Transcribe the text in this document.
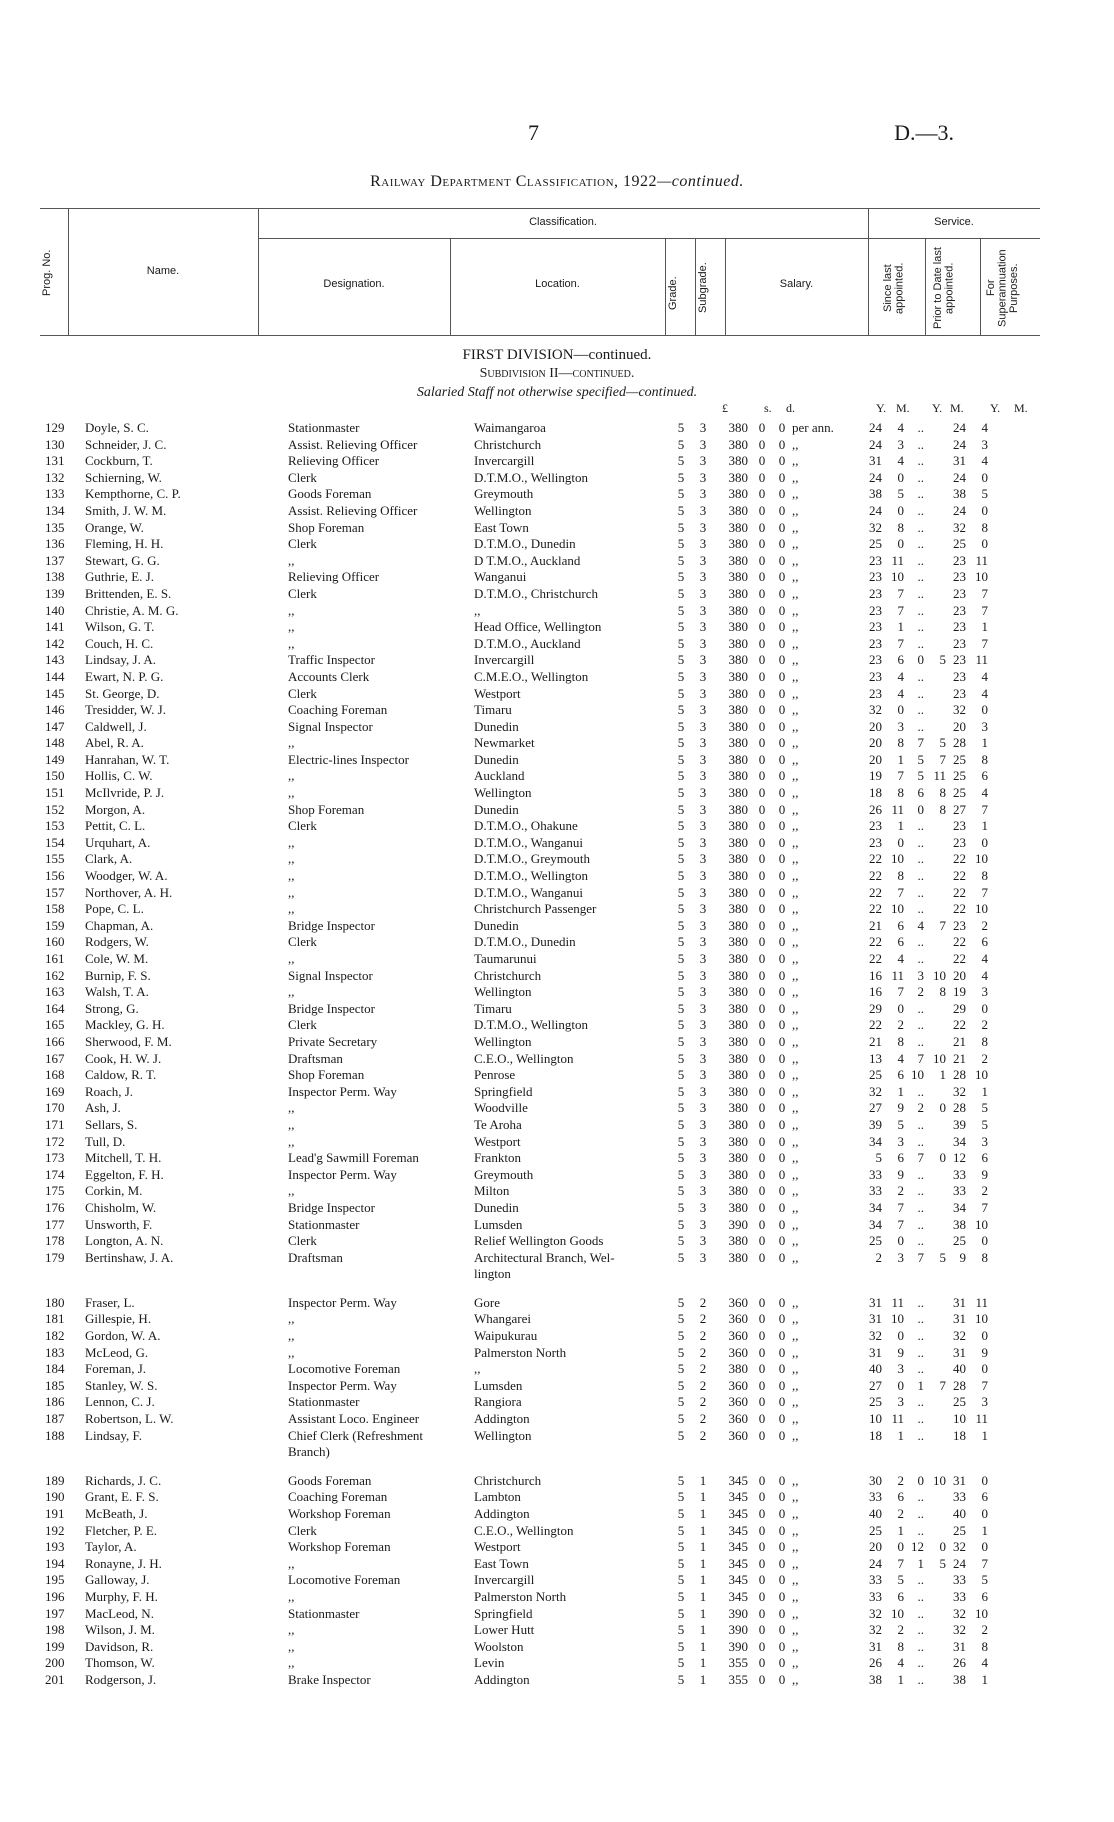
7	D.—3.
Railway Department Classification, 1922—continued.
Prog. No.	Name.
Classification.
Designation.	Location.	Grade.	Subgrade.	Salary.
Service.
Since last appointed.	Prior to Date last appointed.	For Superannuation Purposes.
FIRST DIVISION—continued.
Subdivision II—continued.
Salaried Staff not otherwise specified—continued.
£	s. d.	Y. M. Y. M. Y. M.
129	Doyle, S. C.	Stationmaster	Waimangaroa	5	3	380	0	0	per ann.	24	4	..		24	4
130	Schneider, J. C.	Assist. Relieving Officer	Christchurch	5	3	380	0	0	,,	24	3	..		24	3
131	Cockburn, T.	Relieving Officer	Invercargill	5	3	380	0	0	,,	31	4	..		31	4
132	Schierning, W.	Clerk	D.T.M.O., Wellington	5	3	380	0	0	,,	24	0	..		24	0
133	Kempthorne, C. P.	Goods Foreman	Greymouth	5	3	380	0	0	,,	38	5	..		38	5
134	Smith, J. W. M.	Assist. Relieving Officer	Wellington	5	3	380	0	0	,,	24	0	..		24	0
135	Orange, W.	Shop Foreman	East Town	5	3	380	0	0	,,	32	8	..		32	8
136	Fleming, H. H.	Clerk	D.T.M.O., Dunedin	5	3	380	0	0	,,	25	0	..		25	0
137	Stewart, G. G.	,,	D T.M.O., Auckland	5	3	380	0	0	,,	23	11	..		23	11
138	Guthrie, E. J.	Relieving Officer	Wanganui	5	3	380	0	0	,,	23	10	..		23	10
139	Brittenden, E. S.	Clerk	D.T.M.O., Christchurch	5	3	380	0	0	,,	23	7	..		23	7
140	Christie, A. M. G.	,,	,,	5	3	380	0	0	,,	23	7	..		23	7
141	Wilson, G. T.	,,	Head Office, Wellington	5	3	380	0	0	,,	23	1	..		23	1
142	Couch, H. C.	,,	D.T.M.O., Auckland	5	3	380	0	0	,,	23	7	..		23	7
143	Lindsay, J. A.	Traffic Inspector	Invercargill	5	3	380	0	0	,,	23	6	0	5	23	11
144	Ewart, N. P. G.	Accounts Clerk	C.M.E.O., Wellington	5	3	380	0	0	,,	23	4	..		23	4
145	St. George, D.	Clerk	Westport	5	3	380	0	0	,,	23	4	..		23	4
146	Tresidder, W. J.	Coaching Foreman	Timaru	5	3	380	0	0	,,	32	0	..		32	0
147	Caldwell, J.	Signal Inspector	Dunedin	5	3	380	0	0	,,	20	3	..		20	3
148	Abel, R. A.	,,	Newmarket	5	3	380	0	0	,,	20	8	7	5	28	1
149	Hanrahan, W. T.	Electric-lines Inspector	Dunedin	5	3	380	0	0	,,	20	1	5	7	25	8
150	Hollis, C. W.	,,	Auckland	5	3	380	0	0	,,	19	7	5	11	25	6
151	McIlvride, P. J.	,,	Wellington	5	3	380	0	0	,,	18	8	6	8	25	4
152	Morgon, A.	Shop Foreman	Dunedin	5	3	380	0	0	,,	26	11	0	8	27	7
153	Pettit, C. L.	Clerk	D.T.M.O., Ohakune	5	3	380	0	0	,,	23	1	..		23	1
154	Urquhart, A.	,,	D.T.M.O., Wanganui	5	3	380	0	0	,,	23	0	..		23	0
155	Clark, A.	,,	D.T.M.O., Greymouth	5	3	380	0	0	,,	22	10	..		22	10
156	Woodger, W. A.	,,	D.T.M.O., Wellington	5	3	380	0	0	,,	22	8	..		22	8
157	Northover, A. H.	,,	D.T.M.O., Wanganui	5	3	380	0	0	,,	22	7	..		22	7
158	Pope, C. L.	,,	Christchurch Passenger	5	3	380	0	0	,,	22	10	..		22	10
159	Chapman, A.	Bridge Inspector	Dunedin	5	3	380	0	0	,,	21	6	4	7	23	2
160	Rodgers, W.	Clerk	D.T.M.O., Dunedin	5	3	380	0	0	,,	22	6	..		22	6
161	Cole, W. M.	,,	Taumarunui	5	3	380	0	0	,,	22	4	..		22	4
162	Burnip, F. S.	Signal Inspector	Christchurch	5	3	380	0	0	,,	16	11	3	10	20	4
163	Walsh, T. A.	,,	Wellington	5	3	380	0	0	,,	16	7	2	8	19	3
164	Strong, G.	Bridge Inspector	Timaru	5	3	380	0	0	,,	29	0	..		29	0
165	Mackley, G. H.	Clerk	D.T.M.O., Wellington	5	3	380	0	0	,,	22	2	..		22	2
166	Sherwood, F. M.	Private Secretary	Wellington	5	3	380	0	0	,,	21	8	..		21	8
167	Cook, H. W. J.	Draftsman	C.E.O., Wellington	5	3	380	0	0	,,	13	4	7	10	21	2
168	Caldow, R. T.	Shop Foreman	Penrose	5	3	380	0	0	,,	25	6	10	1	28	10
169	Roach, J.	Inspector Perm. Way	Springfield	5	3	380	0	0	,,	32	1	..		32	1
170	Ash, J.	,,	Woodville	5	3	380	0	0	,,	27	9	2	0	28	5
171	Sellars, S.	,,	Te Aroha	5	3	380	0	0	,,	39	5	..		39	5
172	Tull, D.	,,	Westport	5	3	380	0	0	,,	34	3	..		34	3
173	Mitchell, T. H.	Lead'g Sawmill Foreman	Frankton	5	3	380	0	0	,,	5	6	7	0	12	6
174	Eggelton, F. H.	Inspector Perm. Way	Greymouth	5	3	380	0	0	,,	33	9	..		33	9
175	Corkin, M.	,,	Milton	5	3	380	0	0	,,	33	2	..		33	2
176	Chisholm, W.	Bridge Inspector	Dunedin	5	3	380	0	0	,,	34	7	..		34	7
177	Unsworth, F.	Stationmaster	Lumsden	5	3	390	0	0	,,	34	7	..		38	10
178	Longton, A. N.	Clerk	Relief Wellington Goods	5	3	380	0	0	,,	25	0	..		25	0
179	Bertinshaw, J. A.	Draftsman	Architectural Branch, Wel-	5	3	380	0	0	,,	2	3	7	5	9	8
			lington												
180	Fraser, L.	Inspector Perm. Way	Gore	5	2	360	0	0	,,	31	11	..		31	11
181	Gillespie, H.	,,	Whangarei	5	2	360	0	0	,,	31	10	..		31	10
182	Gordon, W. A.	,,	Waipukurau	5	2	360	0	0	,,	32	0	..		32	0
183	McLeod, G.	,,	Palmerston North	5	2	360	0	0	,,	31	9	..		31	9
184	Foreman, J.	Locomotive Foreman	,,	5	2	380	0	0	,,	40	3	..		40	0
185	Stanley, W. S.	Inspector Perm. Way	Lumsden	5	2	360	0	0	,,	27	0	1	7	28	7
186	Lennon, C. J.	Stationmaster	Rangiora	5	2	360	0	0	,,	25	3	..		25	3
187	Robertson, L. W.	Assistant Loco. Engineer	Addington	5	2	360	0	0	,,	10	11	..		10	11
188	Lindsay, F.	Chief Clerk (Refreshment	Wellington	5	2	360	0	0	,,	18	1	..		18	1
		Branch)													
189	Richards, J. C.	Goods Foreman	Christchurch	5	1	345	0	0	,,	30	2	0	10	31	0
190	Grant, E. F. S.	Coaching Foreman	Lambton	5	1	345	0	0	,,	33	6	..		33	6
191	McBeath, J.	Workshop Foreman	Addington	5	1	345	0	0	,,	40	2	..		40	0
192	Fletcher, P. E.	Clerk	C.E.O., Wellington	5	1	345	0	0	,,	25	1	..		25	1
193	Taylor, A.	Workshop Foreman	Westport	5	1	345	0	0	,,	20	0	12	0	32	0
194	Ronayne, J. H.	,,	East Town	5	1	345	0	0	,,	24	7	1	5	24	7
195	Galloway, J.	Locomotive Foreman	Invercargill	5	1	345	0	0	,,	33	5	..		33	5
196	Murphy, F. H.	,,	Palmerston North	5	1	345	0	0	,,	33	6	..		33	6
197	MacLeod, N.	Stationmaster	Springfield	5	1	390	0	0	,,	32	10	..		32	10
198	Wilson, J. M.	,,	Lower Hutt	5	1	390	0	0	,,	32	2	..		32	2
199	Davidson, R.	,,	Woolston	5	1	390	0	0	,,	31	8	..		31	8
200	Thomson, W.	,,	Levin	5	1	355	0	0	,,	26	4	..		26	4
201	Rodgerson, J.	Brake Inspector	Addington	5	1	355	0	0	,,	38	1	..		38	1
